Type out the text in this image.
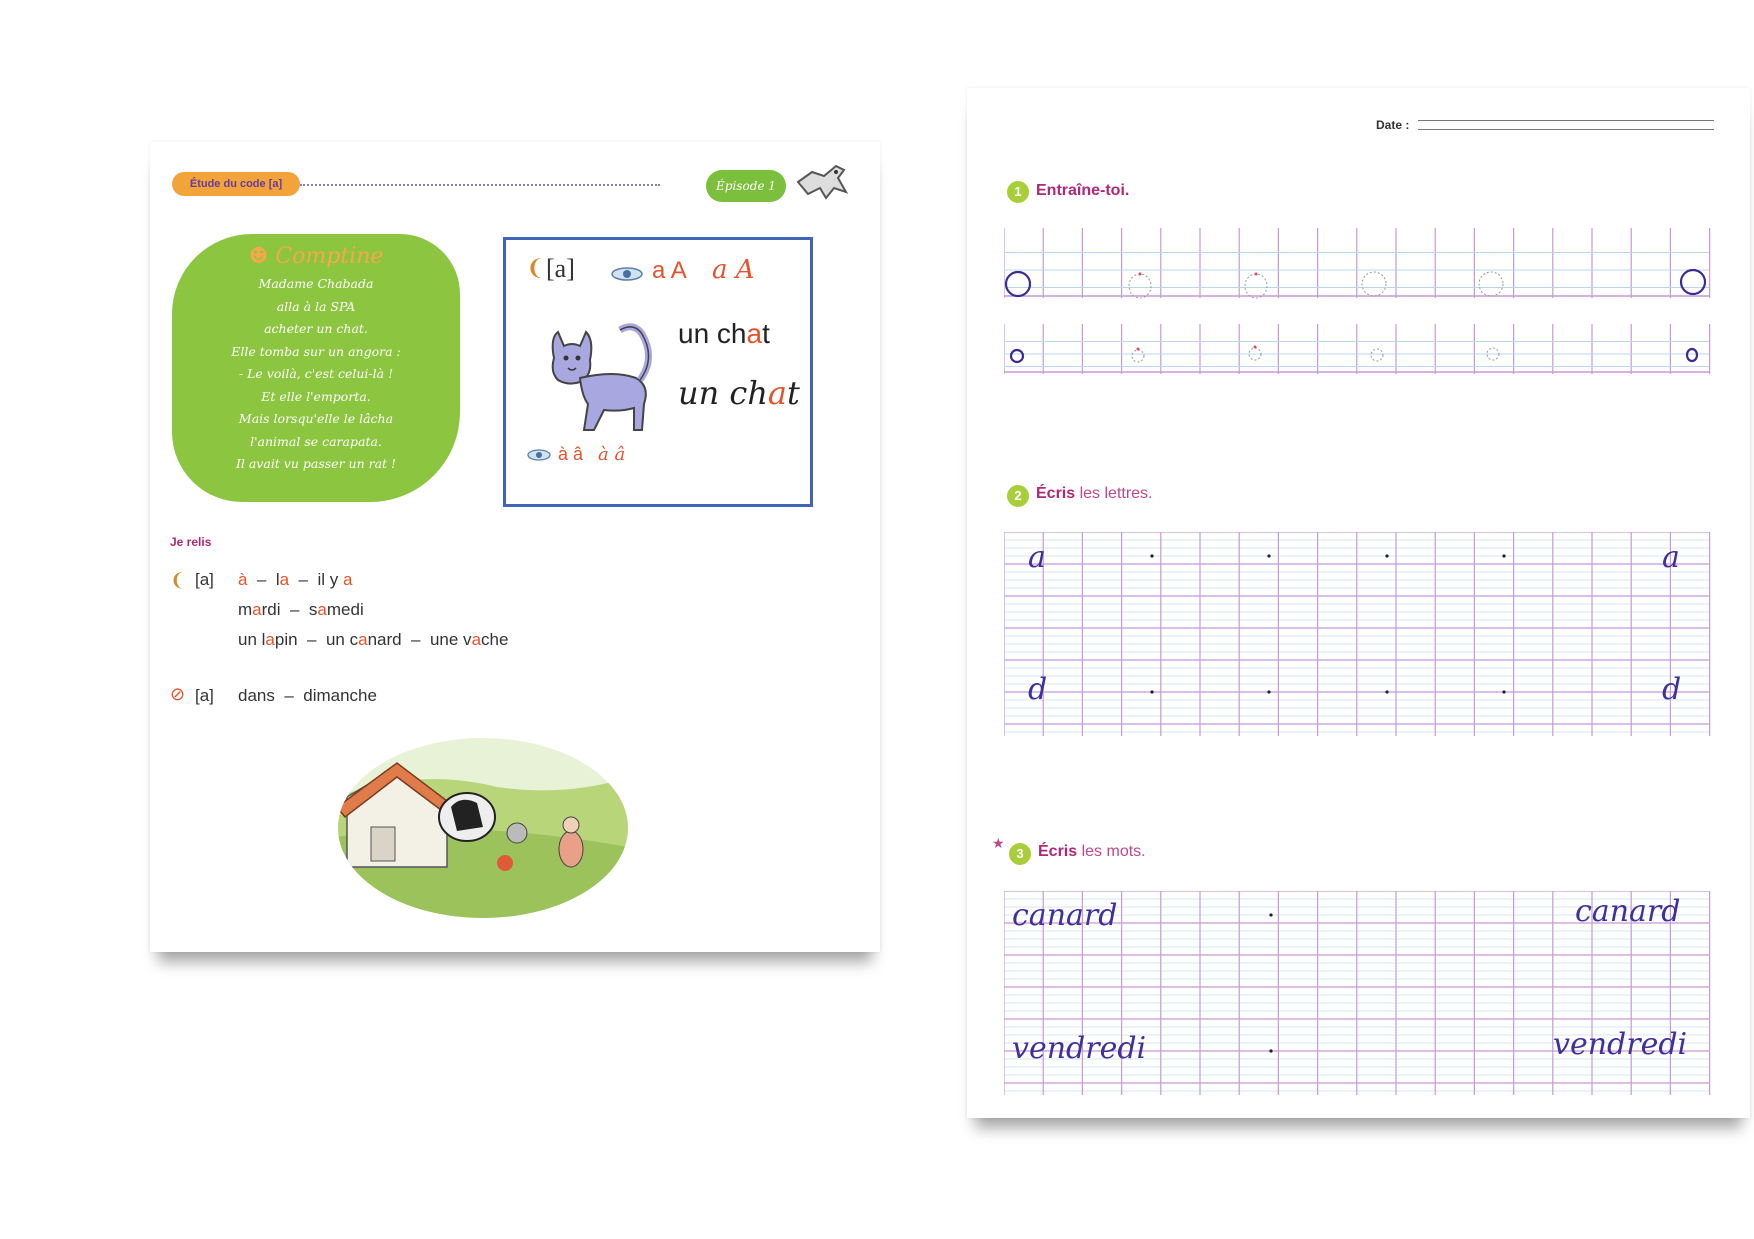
Étude du code [a]	Épisode 1
☻ Comptine
Madame Chabada
alla à la SPA
acheter un chat.
Elle tomba sur un angora :
- Le voilà, c'est celui-là !
Et elle l'emporta.
Mais lorsqu'elle le lâcha
l'animal se carapata.
Il avait vu passer un rat !
❨ [a]	a A a A
un chat
un chat
à â à â
Je relis
❨ [a] à – la – il y a
mardi – samedi
un lapin – un canard – une vache
⊘ [a] dans – dimanche
Date :
1 Entraîne-toi.
2 Écris les lettres.
a	a
d	d
★
3 Écris les mots.
canard	canard
vendredi	vendredi
